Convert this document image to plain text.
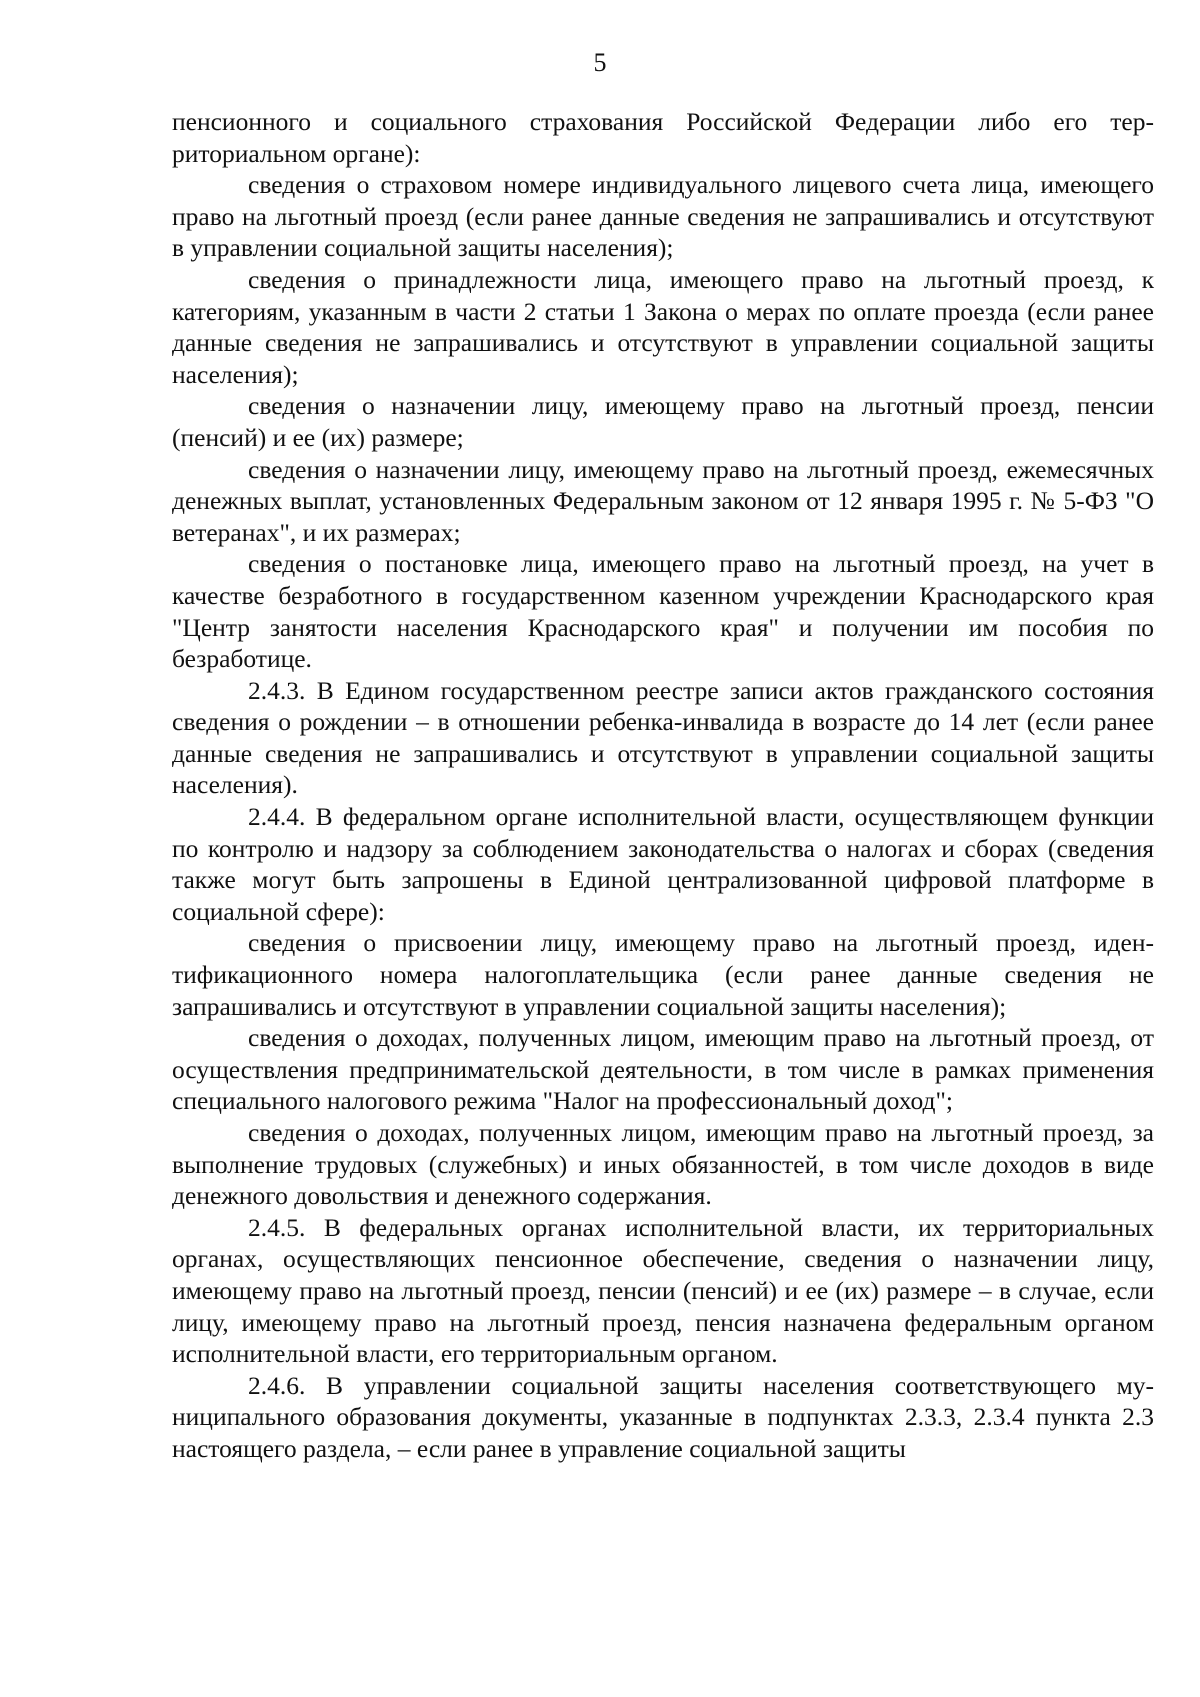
5

пенсионного и социального страхования Российской Федерации либо его территориальном органе):

сведения о страховом номере индивидуального лицевого счета лица, имеющего право на льготный проезд (если ранее данные сведения не запрашивались и отсутствуют в управлении социальной защиты населения);

сведения о принадлежности лица, имеющего право на льготный проезд, к категориям, указанным в части 2 статьи 1 Закона о мерах по оплате проезда (если ранее данные сведения не запрашивались и отсутствуют в управлении социальной защиты населения);

сведения о назначении лицу, имеющему право на льготный проезд, пенсии (пенсий) и ее (их) размере;

сведения о назначении лицу, имеющему право на льготный проезд, ежемесячных денежных выплат, установленных Федеральным законом от 12 января 1995 г. № 5-ФЗ "О ветеранах", и их размерах;

сведения о постановке лица, имеющего право на льготный проезд, на учет в качестве безработного в государственном казенном учреждении Краснодарского края "Центр занятости населения Краснодарского края" и получении им пособия по безработице.

2.4.3. В Едином государственном реестре записи актов гражданского состояния сведения о рождении – в отношении ребенка-инвалида в возрасте до 14 лет (если ранее данные сведения не запрашивались и отсутствуют в управлении социальной защиты населения).

2.4.4. В федеральном органе исполнительной власти, осуществляющем функции по контролю и надзору за соблюдением законодательства о налогах и сборах (сведения также могут быть запрошены в Единой централизованной цифровой платформе в социальной сфере):

сведения о присвоении лицу, имеющему право на льготный проезд, идентификационного номера налогоплательщика (если ранее данные сведения не запрашивались и отсутствуют в управлении социальной защиты населения);

сведения о доходах, полученных лицом, имеющим право на льготный проезд, от осуществления предпринимательской деятельности, в том числе в рамках применения специального налогового режима "Налог на профессиональный доход";

сведения о доходах, полученных лицом, имеющим право на льготный проезд, за выполнение трудовых (служебных) и иных обязанностей, в том числе доходов в виде денежного довольствия и денежного содержания.

2.4.5. В федеральных органах исполнительной власти, их территориальных органах, осуществляющих пенсионное обеспечение, сведения о назначении лицу, имеющему право на льготный проезд, пенсии (пенсий) и ее (их) размере – в случае, если лицу, имеющему право на льготный проезд, пенсия назначена федеральным органом исполнительной власти, его территориальным органом.

2.4.6. В управлении социальной защиты населения соответствующего муниципального образования документы, указанные в подпунктах 2.3.3, 2.3.4 пункта 2.3 настоящего раздела, – если ранее в управление социальной защиты
